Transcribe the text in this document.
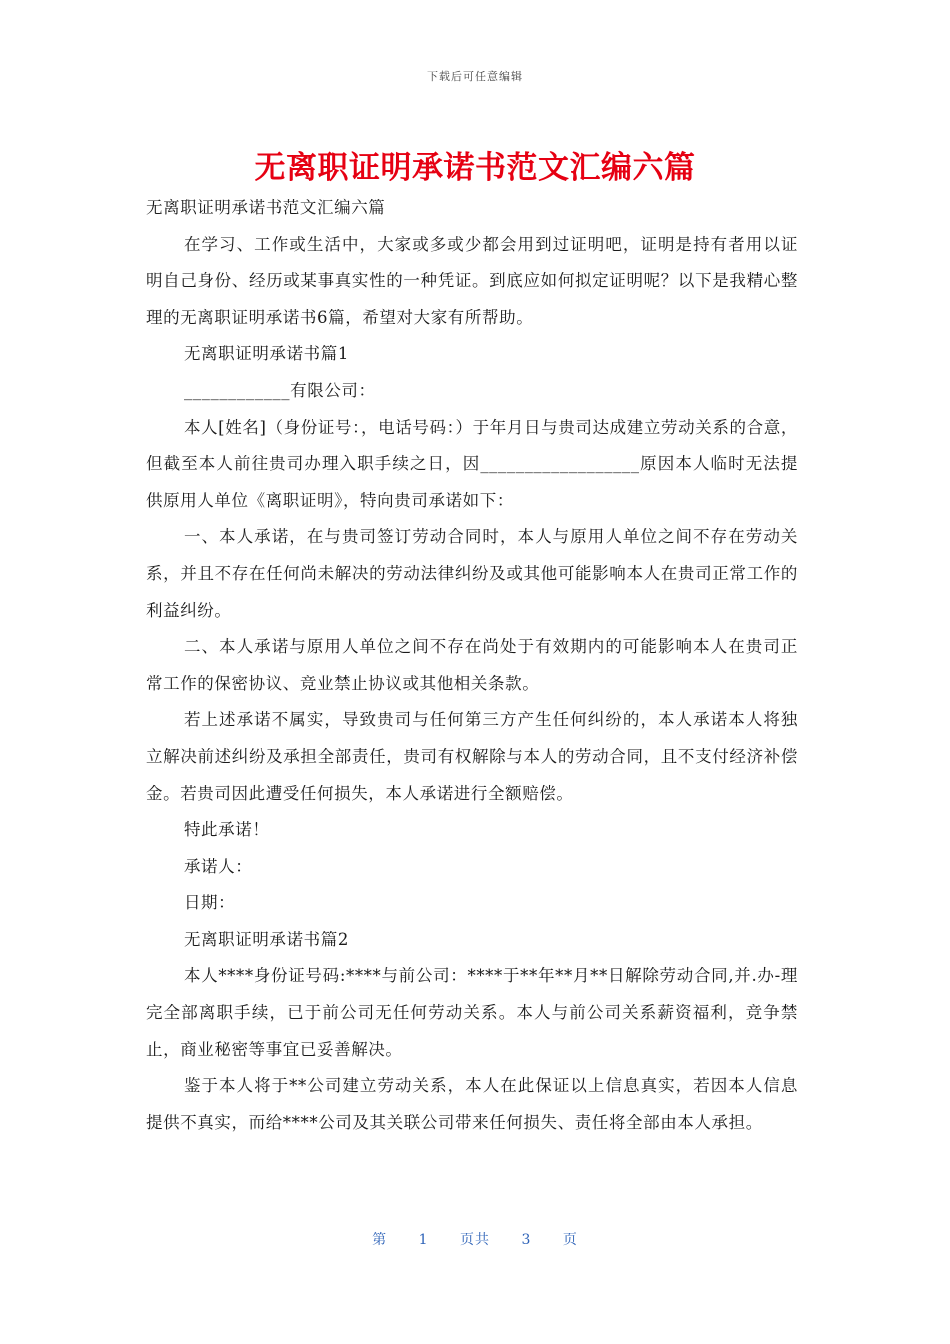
下载后可任意编辑
无离职证明承诺书范文汇编六篇

无离职证明承诺书范文汇编六篇

在学习、工作或生活中，大家或多或少都会用到过证明吧，证明是持有者用以证明自己身份、经历或某事真实性的一种凭证。到底应如何拟定证明呢？以下是我精心整理的无离职证明承诺书6篇，希望对大家有所帮助。

无离职证明承诺书篇1

____________有限公司：

本人[姓名]（身份证号：，电话号码：）于年月日与贵司达成建立劳动关系的合意，但截至本人前往贵司办理入职手续之日，因__________________原因本人临时无法提供原用人单位《离职证明》，特向贵司承诺如下：

一、本人承诺，在与贵司签订劳动合同时，本人与原用人单位之间不存在劳动关系，并且不存在任何尚未解决的劳动法律纠纷及或其他可能影响本人在贵司正常工作的利益纠纷。

二、本人承诺与原用人单位之间不存在尚处于有效期内的可能影响本人在贵司正常工作的保密协议、竞业禁止协议或其他相关条款。

若上述承诺不属实，导致贵司与任何第三方产生任何纠纷的，本人承诺本人将独立解决前述纠纷及承担全部责任，贵司有权解除与本人的劳动合同，且不支付经济补偿金。若贵司因此遭受任何损失，本人承诺进行全额赔偿。

特此承诺！

承诺人：

日期：

无离职证明承诺书篇2

本人****身份证号码:****与前公司：****于**年**月**日解除劳动合同,并.办-理完全部离职手续，已于前公司无任何劳动关系。本人与前公司关系薪资福利，竞争禁止，商业秘密等事宜已妥善解决。

鉴于本人将于**公司建立劳动关系，本人在此保证以上信息真实，若因本人信息提供不真实，而给****公司及其关联公司带来任何损失、责任将全部由本人承担。

第 1 页共 3 页
